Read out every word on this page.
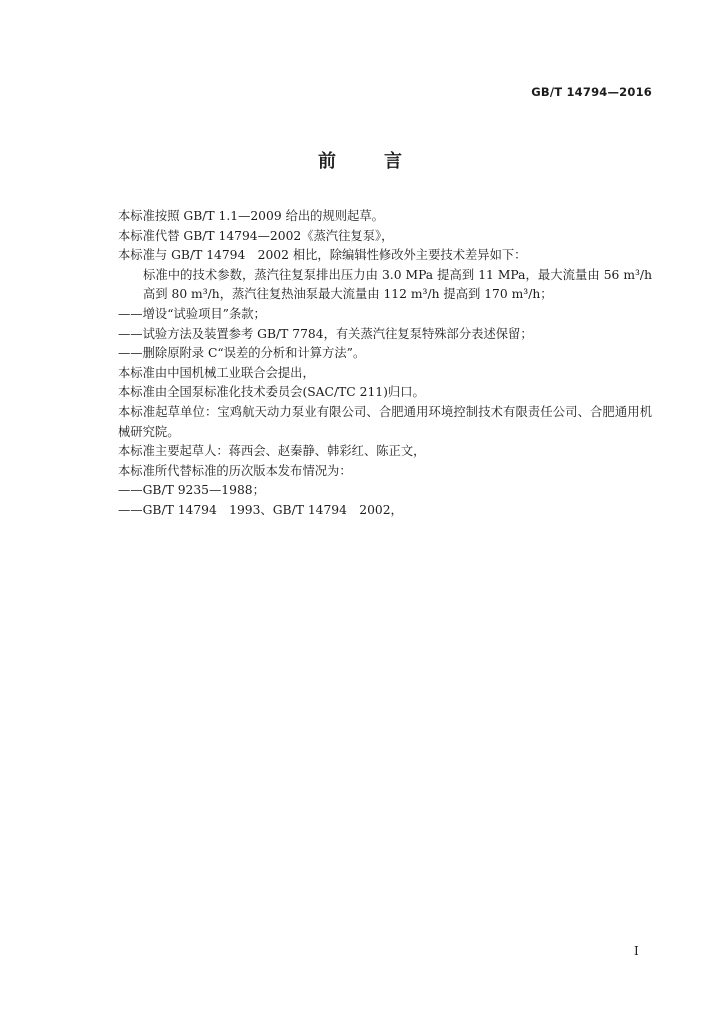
GB/T 14794—2016
前　　言
本标准按照 GB/T 1.1—2009 给出的规则起草。
本标准代替 GB/T 14794—2002《蒸汽往复泵》，
本标准与 GB/T 14794　2002 相比，除编辑性修改外主要技术差异如下：
标准中的技术参数，蒸汽往复泵排出压力由 3.0 MPa 提高到 11 MPa，最大流量由 56 m³/h
高到 80 m³/h，蒸汽往复热油泵最大流量由 112 m³/h 提高到 170 m³/h；
——增设“试验项目”条款；
——试验方法及装置参考 GB/T 7784，有关蒸汽往复泵特殊部分表述保留；
——删除原附录 C“误差的分析和计算方法”。
本标准由中国机械工业联合会提出，
本标准由全国泵标准化技术委员会(SAC/TC 211)归口。
本标准起草单位：宝鸡航天动力泵业有限公司、合肥通用环境控制技术有限责任公司、合肥通用机
械研究院。
本标准主要起草人：蒋西会、赵秦静、韩彩红、陈正文，
本标准所代替标准的历次版本发布情况为：
——GB/T 9235—1988；
——GB/T 14794　1993、GB/T 14794　2002，
I
